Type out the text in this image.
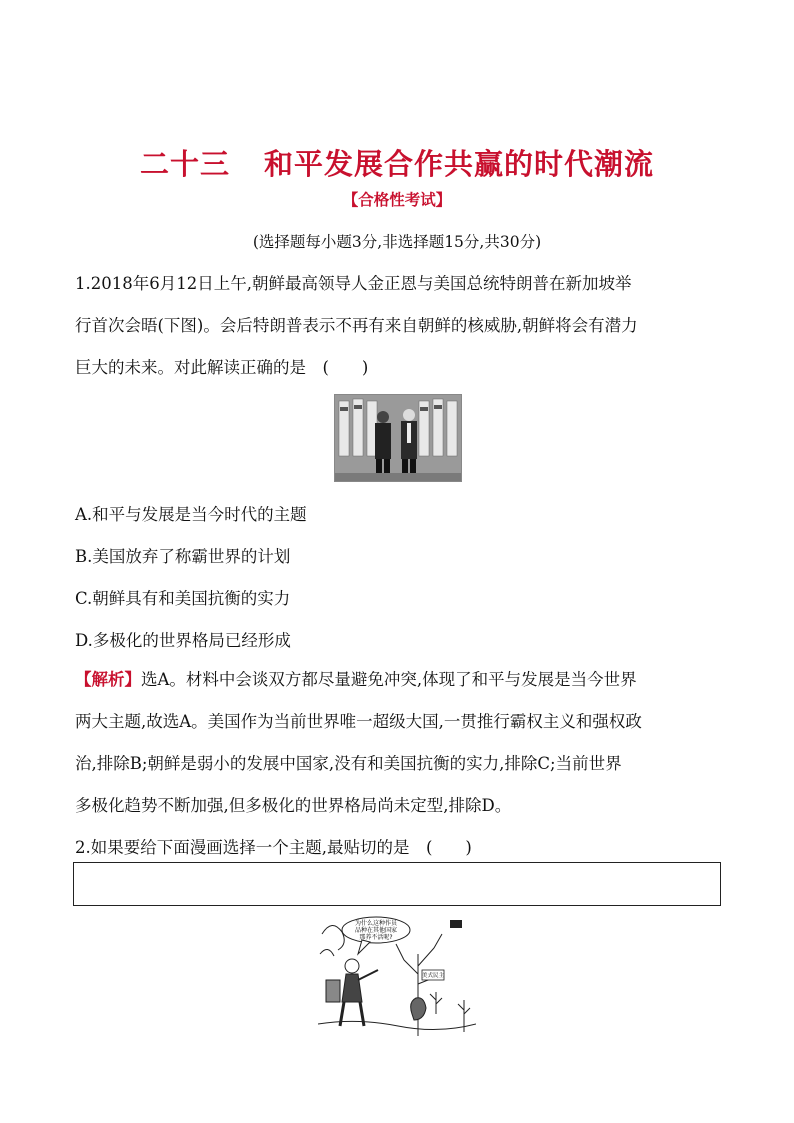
二十三 和平发展合作共赢的时代潮流
【合格性考试】
(选择题每小题3分,非选择题15分,共30分)
1.2018年6月12日上午,朝鲜最高领导人金正恩与美国总统特朗普在新加坡举
行首次会晤(下图)。会后特朗普表示不再有来自朝鲜的核威胁,朝鲜将会有潜力
巨大的未来。对此解读正确的是　(　　)
A.和平与发展是当今时代的主题
B.美国放弃了称霸世界的计划
C.朝鲜具有和美国抗衡的实力
D.多极化的世界格局已经形成
【解析】选A。材料中会谈双方都尽量避免冲突,体现了和平与发展是当今世界
两大主题,故选A。美国作为当前世界唯一超级大国,一贯推行霸权主义和强权政
治,排除B;朝鲜是弱小的发展中国家,没有和美国抗衡的实力,排除C;当前世界
多极化趋势不断加强,但多极化的世界格局尚未定型,排除D。
2.如果要给下面漫画选择一个主题,最贴切的是　(　　)
为什么这种作员
品种在其他国家
那养不活呢?
美式民主
